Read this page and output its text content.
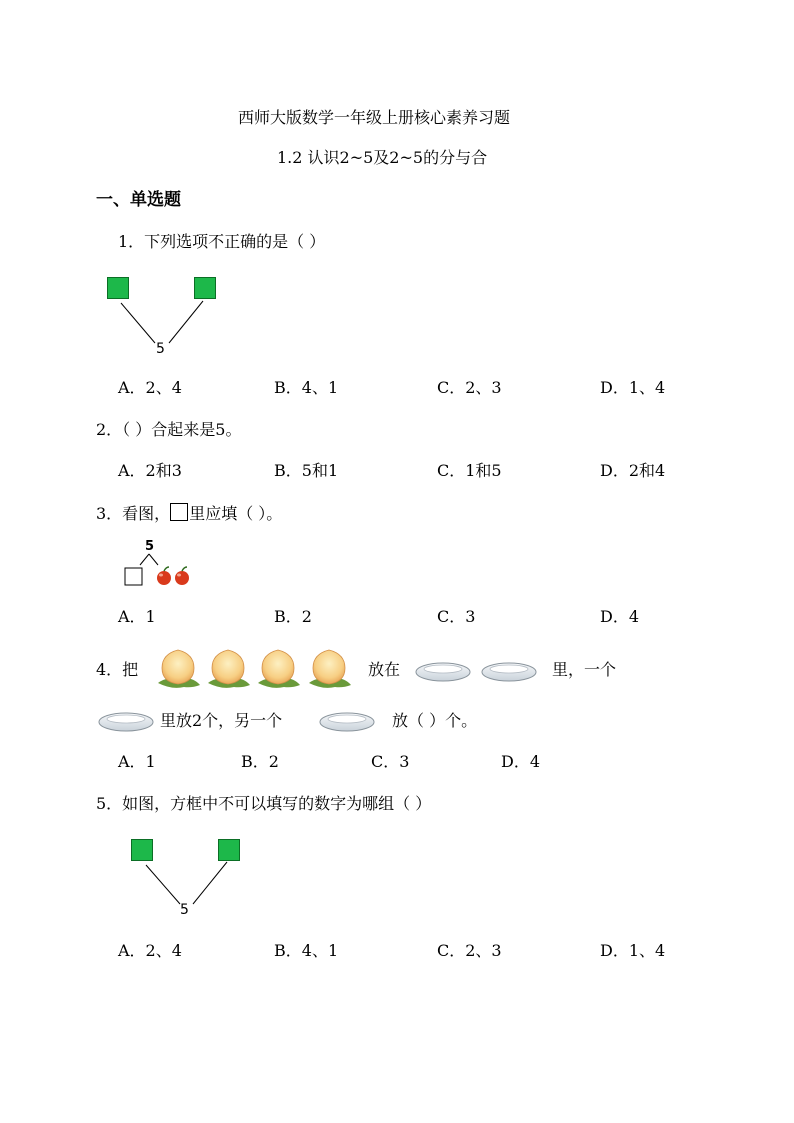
西师大版数学一年级上册核心素养习题
1.2 认识2~5及2~5的分与合
一、单选题
1．下列选项不正确的是（ ）
5
A．2、4	B．4、1	C．2、3	D．1、4
2．（ ）合起来是5。
A．2和3	B．5和1	C．1和5	D．2和4
3．看图， 里应填（ ）。
5
A．1	B．2	C．3	D．4
4．把	放在	里，一个
里放2个，另一个	放（ ）个。
A．1	B．2	C．3	D．4
5．如图，方框中不可以填写的数字为哪组（ ）
5
A．2、4	B．4、1	C．2、3	D．1、4
